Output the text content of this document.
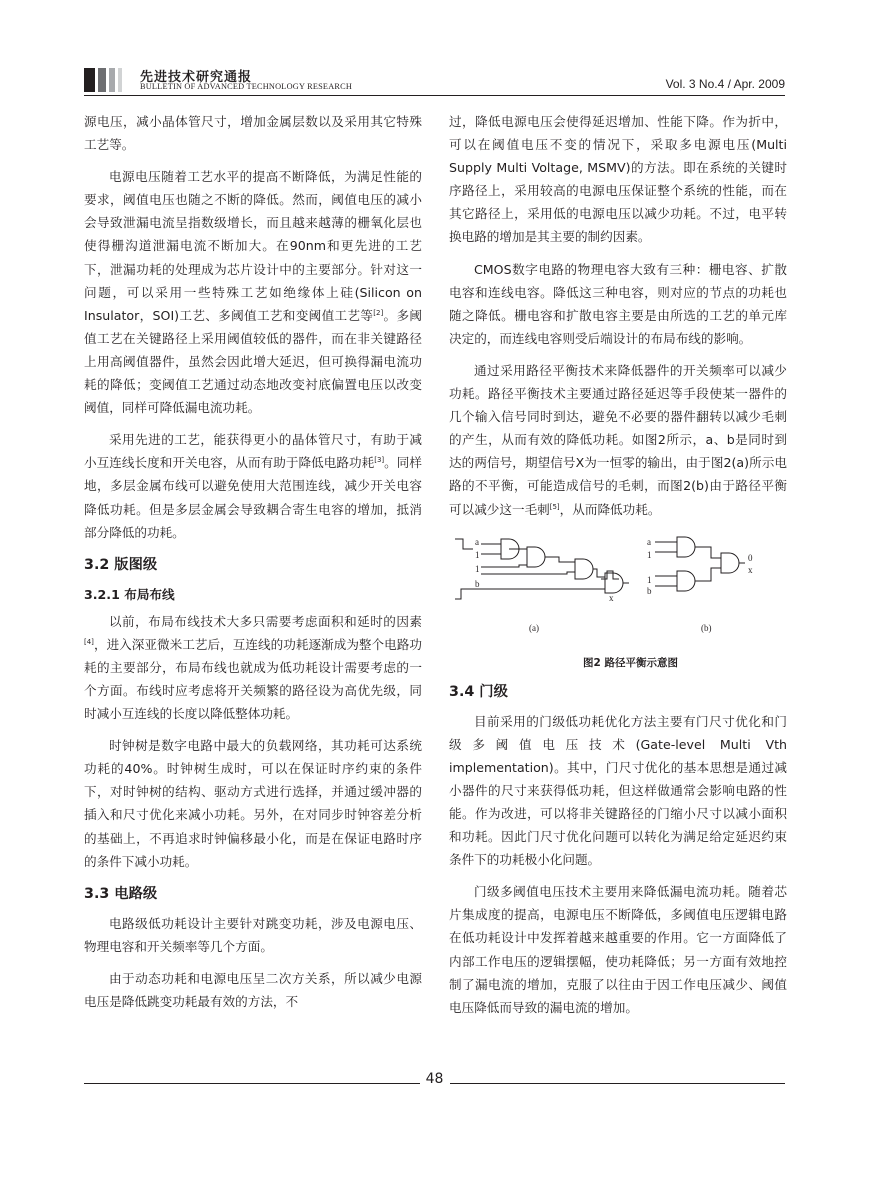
先进技术研究通报
BULLETIN OF ADVANCED TECHNOLOGY RESEARCH	Vol. 3 No.4 / Apr. 2009

源电压，减小晶体管尺寸，增加金属层数以及采用其它特殊工艺等。

电源电压随着工艺水平的提高不断降低，为满足性能的要求，阈值电压也随之不断的降低。然而，阈值电压的减小会导致泄漏电流呈指数级增长，而且越来越薄的栅氧化层也使得栅沟道泄漏电流不断加大。在90nm和更先进的工艺下，泄漏功耗的处理成为芯片设计中的主要部分。针对这一问题，可以采用一些特殊工艺如绝缘体上硅(Silicon on Insulator，SOI)工艺、多阈值工艺和变阈值工艺等[2]。多阈值工艺在关键路径上采用阈值较低的器件，而在非关键路径上用高阈值器件，虽然会因此增大延迟，但可换得漏电流功耗的降低；变阈值工艺通过动态地改变衬底偏置电压以改变阈值，同样可降低漏电流功耗。

采用先进的工艺，能获得更小的晶体管尺寸，有助于减小互连线长度和开关电容，从而有助于降低电路功耗[3]。同样地，多层金属布线可以避免使用大范围连线，减少开关电容降低功耗。但是多层金属会导致耦合寄生电容的增加，抵消部分降低的功耗。

3.2 版图级
3.2.1 布局布线

以前，布局布线技术大多只需要考虑面积和延时的因素[4]，进入深亚微米工艺后，互连线的功耗逐渐成为整个电路功耗的主要部分，布局布线也就成为低功耗设计需要考虑的一个方面。布线时应考虑将开关频繁的路径设为高优先级，同时减小互连线的长度以降低整体功耗。

时钟树是数字电路中最大的负载网络，其功耗可达系统功耗的40%。时钟树生成时，可以在保证时序约束的条件下，对时钟树的结构、驱动方式进行选择，并通过缓冲器的插入和尺寸优化来减小功耗。另外，在对同步时钟容差分析的基础上，不再追求时钟偏移最小化，而是在保证电路时序的条件下减小功耗。

3.3 电路级

电路级低功耗设计主要针对跳变功耗，涉及电源电压、物理电容和开关频率等几个方面。

由于动态功耗和电源电压呈二次方关系，所以减少电源电压是降低跳变功耗最有效的方法，不

过，降低电源电压会使得延迟增加、性能下降。作为折中，可以在阈值电压不变的情况下，采取多电源电压(Multi Supply Multi Voltage, MSMV)的方法。即在系统的关键时序路径上，采用较高的电源电压保证整个系统的性能，而在其它路径上，采用低的电源电压以减少功耗。不过，电平转换电路的增加是其主要的制约因素。

CMOS数字电路的物理电容大致有三种：栅电容、扩散电容和连线电容。降低这三种电容，则对应的节点的功耗也随之降低。栅电容和扩散电容主要是由所选的工艺的单元库决定的，而连线电容则受后端设计的布局布线的影响。

通过采用路径平衡技术来降低器件的开关频率可以减少功耗。路径平衡技术主要通过路径延迟等手段使某一器件的几个输入信号同时到达，避免不必要的器件翻转以减少毛刺的产生，从而有效的降低功耗。如图2所示，a、b是同时到达的两信号，期望信号X为一恒零的输出，由于图2(a)所示电路的不平衡，可能造成信号的毛刺，而图2(b)由于路径平衡可以减少这一毛刺[5]，从而降低功耗。

a
1
1
b
x
(a)
a
1
1
b
0
x
(b)

图2 路径平衡示意图

3.4 门级

目前采用的门级低功耗优化方法主要有门尺寸优化和门级多阈值电压技术(Gate-level Multi Vth implementation)。其中，门尺寸优化的基本思想是通过减小器件的尺寸来获得低功耗，但这样做通常会影响电路的性能。作为改进，可以将非关键路径的门缩小尺寸以减小面积和功耗。因此门尺寸优化问题可以转化为满足给定延迟约束条件下的功耗极小化问题。

门级多阈值电压技术主要用来降低漏电流功耗。随着芯片集成度的提高，电源电压不断降低，多阈值电压逻辑电路在低功耗设计中发挥着越来越重要的作用。它一方面降低了内部工作电压的逻辑摆幅，使功耗降低；另一方面有效地控制了漏电流的增加，克服了以往由于因工作电压减少、阈值电压降低而导致的漏电流的增加。

48
